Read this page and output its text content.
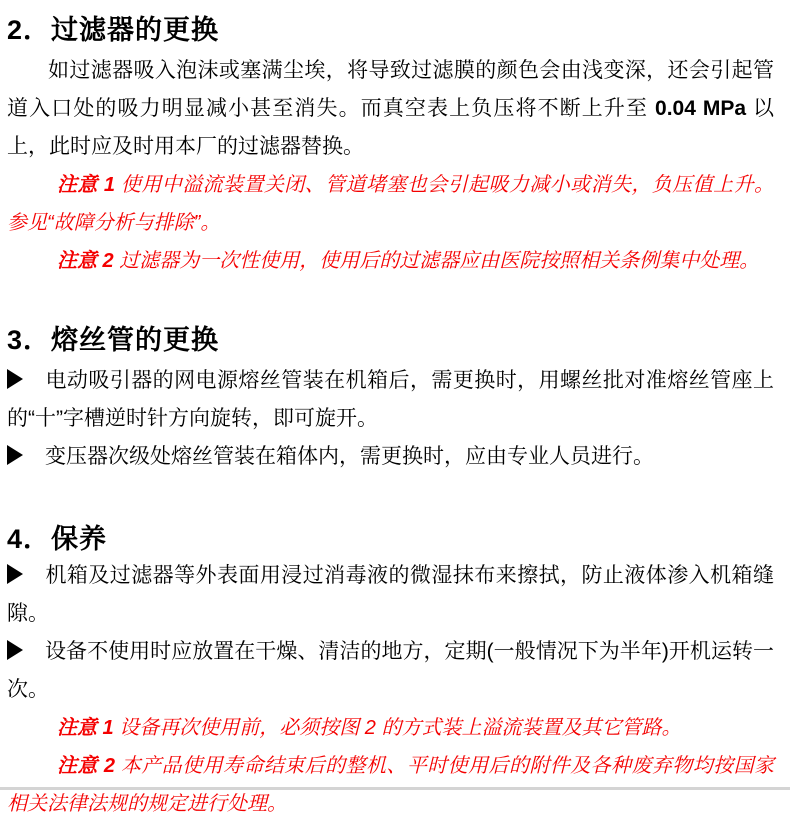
2．过滤器的更换

如过滤器吸入泡沫或塞满尘埃，将导致过滤膜的颜色会由浅变深，还会引起管道入口处的吸力明显减小甚至消失。而真空表上负压将不断上升至 0.04 MPa 以上，此时应及时用本厂的过滤器替换。

注意 1 使用中溢流装置关闭、管道堵塞也会引起吸力减小或消失，负压值上升。参见“故障分析与排除”。

注意 2 过滤器为一次性使用，使用后的过滤器应由医院按照相关条例集中处理。

3．熔丝管的更换

电动吸引器的网电源熔丝管装在机箱后，需更换时，用螺丝批对准熔丝管座上的“十”字槽逆时针方向旋转，即可旋开。

变压器次级处熔丝管装在箱体内，需更换时，应由专业人员进行。

4．保养

机箱及过滤器等外表面用浸过消毒液的微湿抹布来擦拭，防止液体渗入机箱缝隙。

设备不使用时应放置在干燥、清洁的地方，定期(一般情况下为半年)开机运转一次。

注意 1 设备再次使用前，必须按图 2 的方式装上溢流装置及其它管路。

注意 2 本产品使用寿命结束后的整机、平时使用后的附件及各种废弃物均按国家相关法律法规的规定进行处理。
